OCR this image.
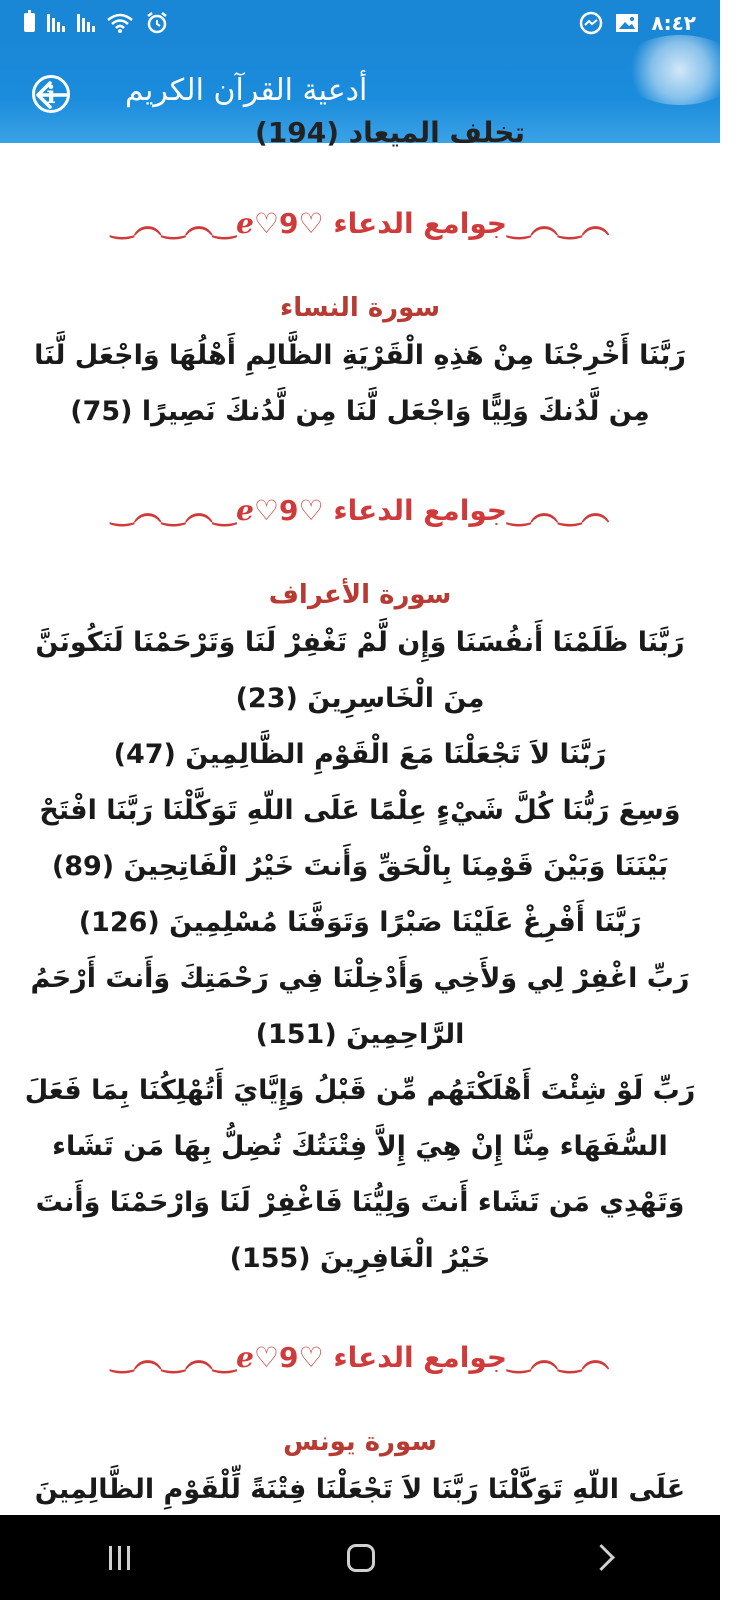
٨:٤٢
i أدعية القرآن الكريم
تخلف الميعاد (194)
‿︵‿︵‿ℯ♡جوامع الدعاء ♡9‿︵‿︵
سورة النساء
رَبَّنَا أَخْرِجْنَا مِنْ هَذِهِ الْقَرْيَةِ الظَّالِمِ أَهْلُهَا وَاجْعَل لَّنَا مِن لَّدُنكَ وَلِيًّا وَاجْعَل لَّنَا مِن لَّدُنكَ نَصِيرًا (75)
‿︵‿︵‿ℯ♡جوامع الدعاء ♡9‿︵‿︵
سورة الأعراف
رَبَّنَا ظَلَمْنَا أَنفُسَنَا وَإِن لَّمْ تَغْفِرْ لَنَا وَتَرْحَمْنَا لَنَكُونَنَّ مِنَ الْخَاسِرِينَ (23)
رَبَّنَا لاَ تَجْعَلْنَا مَعَ الْقَوْمِ الظَّالِمِينَ (47)
وَسِعَ رَبُّنَا كُلَّ شَيْءٍ عِلْمًا عَلَى اللّهِ تَوَكَّلْنَا رَبَّنَا افْتَحْ بَيْنَنَا وَبَيْنَ قَوْمِنَا بِالْحَقِّ وَأَنتَ خَيْرُ الْفَاتِحِينَ (89)
رَبَّنَا أَفْرِغْ عَلَيْنَا صَبْرًا وَتَوَفَّنَا مُسْلِمِينَ (126)
رَبِّ اغْفِرْ لِي وَلأَخِي وَأَدْخِلْنَا فِي رَحْمَتِكَ وَأَنتَ أَرْحَمُ الرَّاحِمِينَ (151)
رَبِّ لَوْ شِئْتَ أَهْلَكْتَهُم مِّن قَبْلُ وَإِيَّايَ أَتُهْلِكُنَا بِمَا فَعَلَ السُّفَهَاء مِنَّا إِنْ هِيَ إِلاَّ فِتْنَتُكَ تُضِلُّ بِهَا مَن تَشَاء وَتَهْدِي مَن تَشَاء أَنتَ وَلِيُّنَا فَاغْفِرْ لَنَا وَارْحَمْنَا وَأَنتَ خَيْرُ الْغَافِرِينَ (155)
‿︵‿︵‿ℯ♡جوامع الدعاء ♡9‿︵‿︵
سورة يونس
عَلَى اللّهِ تَوَكَّلْنَا رَبَّنَا لاَ تَجْعَلْنَا فِتْنَةً لِّلْقَوْمِ الظَّالِمِينَ
